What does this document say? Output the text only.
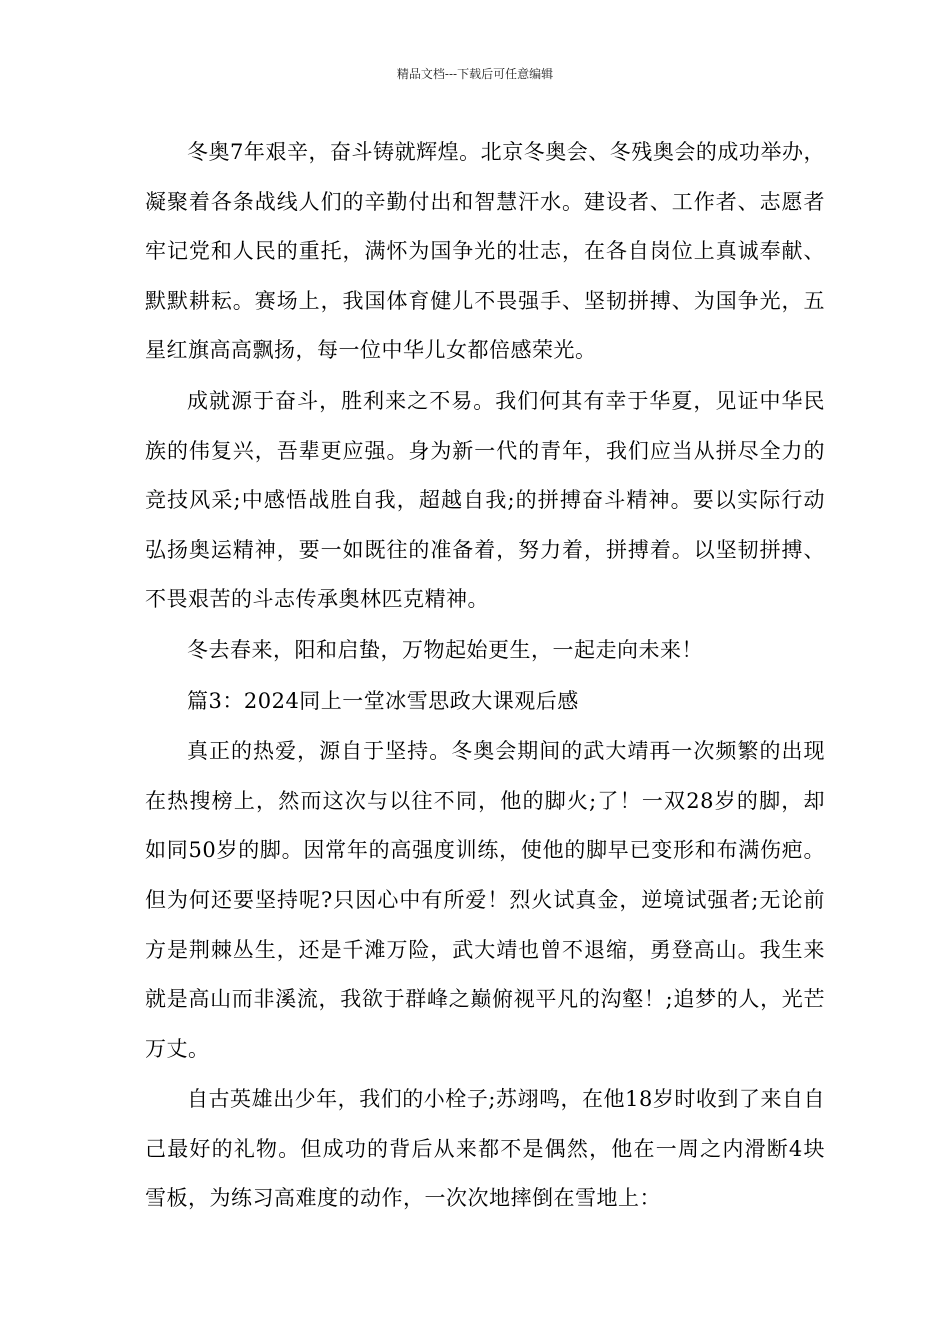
精品文档---下载后可任意编辑

冬奥7年艰辛，奋斗铸就辉煌。北京冬奥会、冬残奥会的成功举办，凝聚着各条战线人们的辛勤付出和智慧汗水。建设者、工作者、志愿者牢记党和人民的重托，满怀为国争光的壮志，在各自岗位上真诚奉献、默默耕耘。赛场上，我国体育健儿不畏强手、坚韧拼搏、为国争光，五星红旗高高飘扬，每一位中华儿女都倍感荣光。

成就源于奋斗，胜利来之不易。我们何其有幸于华夏，见证中华民族的伟复兴，吾辈更应强。身为新一代的青年，我们应当从拼尽全力的竞技风采;中感悟战胜自我，超越自我;的拼搏奋斗精神。要以实际行动弘扬奥运精神，要一如既往的准备着，努力着，拼搏着。以坚韧拼搏、不畏艰苦的斗志传承奥林匹克精神。

冬去春来，阳和启蛰，万物起始更生，一起走向未来！

篇3：2024同上一堂冰雪思政大课观后感

真正的热爱，源自于坚持。冬奥会期间的武大靖再一次频繁的出现在热搜榜上，然而这次与以往不同，他的脚火;了！一双28岁的脚，却如同50岁的脚。因常年的高强度训练，使他的脚早已变形和布满伤疤。但为何还要坚持呢?只因心中有所爱！烈火试真金，逆境试强者;无论前方是荆棘丛生，还是千滩万险，武大靖也曾不退缩，勇登高山。我生来就是高山而非溪流，我欲于群峰之巅俯视平凡的沟壑！;追梦的人，光芒万丈。

自古英雄出少年，我们的小栓子;苏翊鸣，在他18岁时收到了来自自己最好的礼物。但成功的背后从来都不是偶然，他在一周之内滑断4块雪板，为练习高难度的动作，一次次地摔倒在雪地上：
